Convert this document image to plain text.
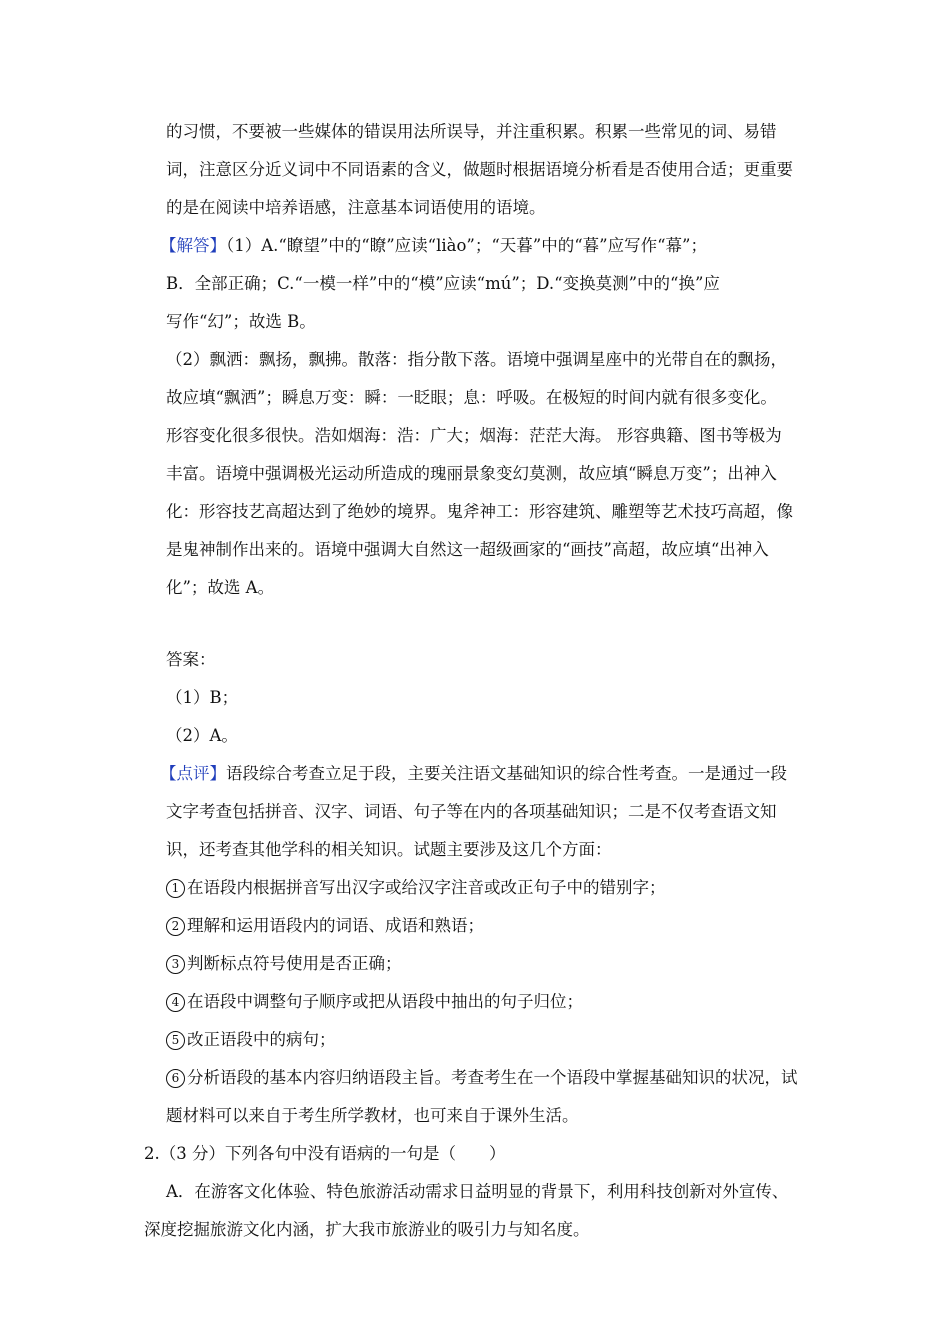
的习惯，不要被一些媒体的错误用法所误导，并注重积累。积累一些常见的词、易错
词，注意区分近义词中不同语素的含义，做题时根据语境分析看是否使用合适；更重要
的是在阅读中培养语感，注意基本词语使用的语境。
【解答】（1）A.“瞭望”中的“瞭”应读“liào”；“天暮”中的“暮”应写作“幕”；
B．全部正确；C.“一模一样”中的“模”应读“mú”；D.“变换莫测”中的“换”应
写作“幻”；故选 B。
（2）飘洒：飘扬，飘拂。散落：指分散下落。语境中强调星座中的光带自在的飘扬，
故应填“飘洒”；瞬息万变：瞬：一眨眼；息：呼吸。在极短的时间内就有很多变化。
形容变化很多很快。浩如烟海：浩：广大；烟海：茫茫大海。 形容典籍、图书等极为
丰富。语境中强调极光运动所造成的瑰丽景象变幻莫测，故应填“瞬息万变”；出神入
化：形容技艺高超达到了绝妙的境界。鬼斧神工：形容建筑、雕塑等艺术技巧高超，像
是鬼神制作出来的。语境中强调大自然这一超级画家的“画技”高超，故应填“出神入
化”；故选 A。
答案：
（1）B；
（2）A。
【点评】语段综合考查立足于段，主要关注语文基础知识的综合性考查。一是通过一段
文字考查包括拼音、汉字、词语、句子等在内的各项基础知识；二是不仅考查语文知
识，还考查其他学科的相关知识。试题主要涉及这几个方面：
1 在语段内根据拼音写出汉字或给汉字注音或改正句子中的错别字；
2 理解和运用语段内的词语、成语和熟语；
3 判断标点符号使用是否正确；
4 在语段中调整句子顺序或把从语段中抽出的句子归位；
5 改正语段中的病句；
6 分析语段的基本内容归纳语段主旨。考查考生在一个语段中掌握基础知识的状况，试
题材料可以来自于考生所学教材，也可来自于课外生活。
2.（3 分）下列各句中没有语病的一句是（　　）
A．在游客文化体验、特色旅游活动需求日益明显的背景下，利用科技创新对外宣传、
深度挖掘旅游文化内涵，扩大我市旅游业的吸引力与知名度。
